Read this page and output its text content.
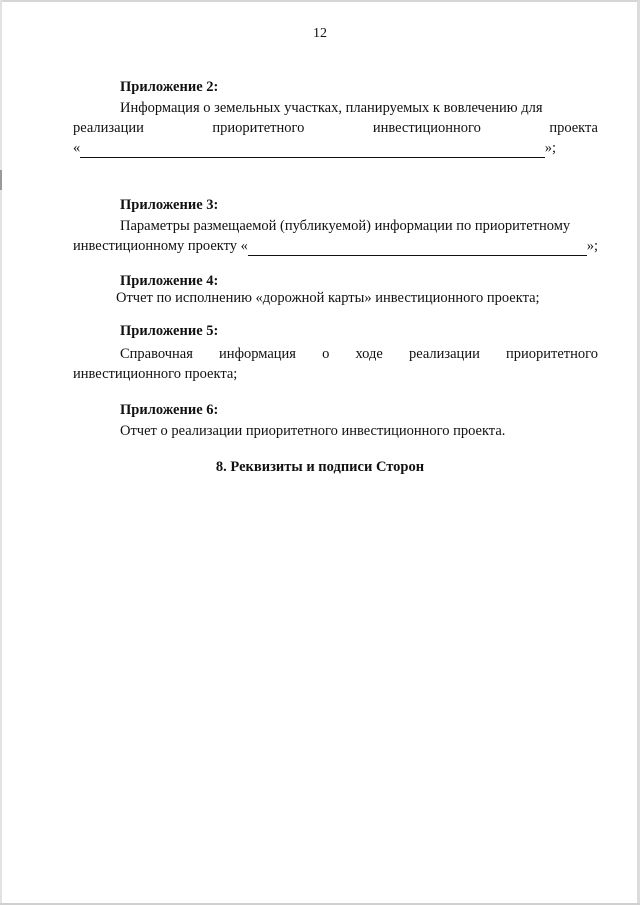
12
Приложение 2:
Информация о земельных участках, планируемых к вовлечению для
реализации	приоритетного	инвестиционного	проекта
«	»;
Приложение 3:
Параметры размещаемой (публикуемой) информации по приоритетному
инвестиционному проекту «	»;
Приложение 4:
Отчет по исполнению «дорожной карты» инвестиционного проекта;
Приложение 5:
Справочная информация о ходе реализации приоритетного
инвестиционного проекта;
Приложение 6:
Отчет о реализации приоритетного инвестиционного проекта.
8. Реквизиты и подписи Сторон
